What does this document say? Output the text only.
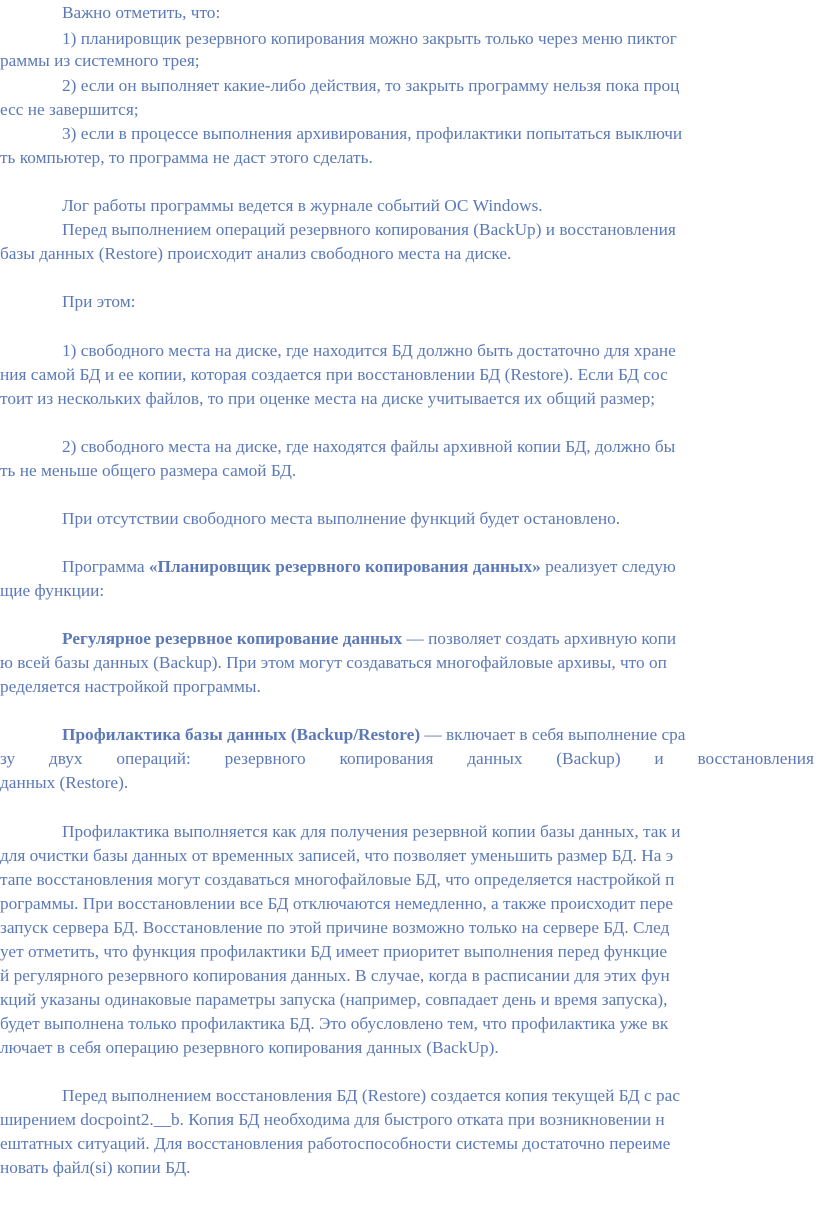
Важно отметить, что:
1) планировщик резервного копирования можно закрыть только через меню пиктог
раммы из системного трея;
2) если он выполняет какие-либо действия, то закрыть программу нельзя пока проц
есс не завершится;
3) если в процессе выполнения архивирования, профилактики попытаться выключи
ть компьютер, то программа не даст этого сделать.
Лог работы программы ведется в журнале событий ОС Windows.
Перед выполнением операций резервного копирования (BackUp) и восстановления
базы данных (Restore) происходит анализ свободного места на диске.
При этом:
1) свободного места на диске, где находится БД должно быть достаточно для хране
ния самой БД и ее копии, которая создается при восстановлении БД (Restore). Если БД сос
тоит из нескольких файлов, то при оценке места на диске учитывается их общий размер;
2) свободного места на диске, где находятся файлы архивной копии БД, должно бы
ть не меньше общего размера самой БД.
При отсутствии свободного места выполнение функций будет остановлено.
Программа «Планировщик резервного копирования данных» реализует следую
щие функции:
Регулярное резервное копирование данных — позволяет создать архивную копи
ю всей базы данных (Backup). При этом могут создаваться многофайловые архивы, что оп
ределяется настройкой программы.
Профилактика базы данных (Backup/Restore) — включает в себя выполнение сра
зу двух операций: резервного копирования данных (Backup) и восстановления
данных (Restore).
Профилактика выполняется как для получения резервной копии базы данных, так и
для очистки базы данных от временных записей, что позволяет уменьшить размер БД. На э
тапе восстановления могут создаваться многофайловые БД, что определяется настройкой п
рограммы. При восстановлении все БД отключаются немедленно, а также происходит пере
запуск сервера БД. Восстановление по этой причине возможно только на сервере БД. След
ует отметить, что функция профилактики БД имеет приоритет выполнения перед функцие
й регулярного резервного копирования данных. В случае, когда в расписании для этих фун
кций указаны одинаковые параметры запуска (например, совпадает день и время запуска),
будет выполнена только профилактика БД. Это обусловлено тем, что профилактика уже вк
лючает в себя операцию резервного копирования данных (BackUp).
Перед выполнением восстановления БД (Restore) создается копия текущей БД с рас
ширением docpoint2.__b. Копия БД необходима для быстрого отката при возникновении н
ештатных ситуаций. Для восстановления работоспособности системы достаточно переиме
новать файл(si) копии БД.
